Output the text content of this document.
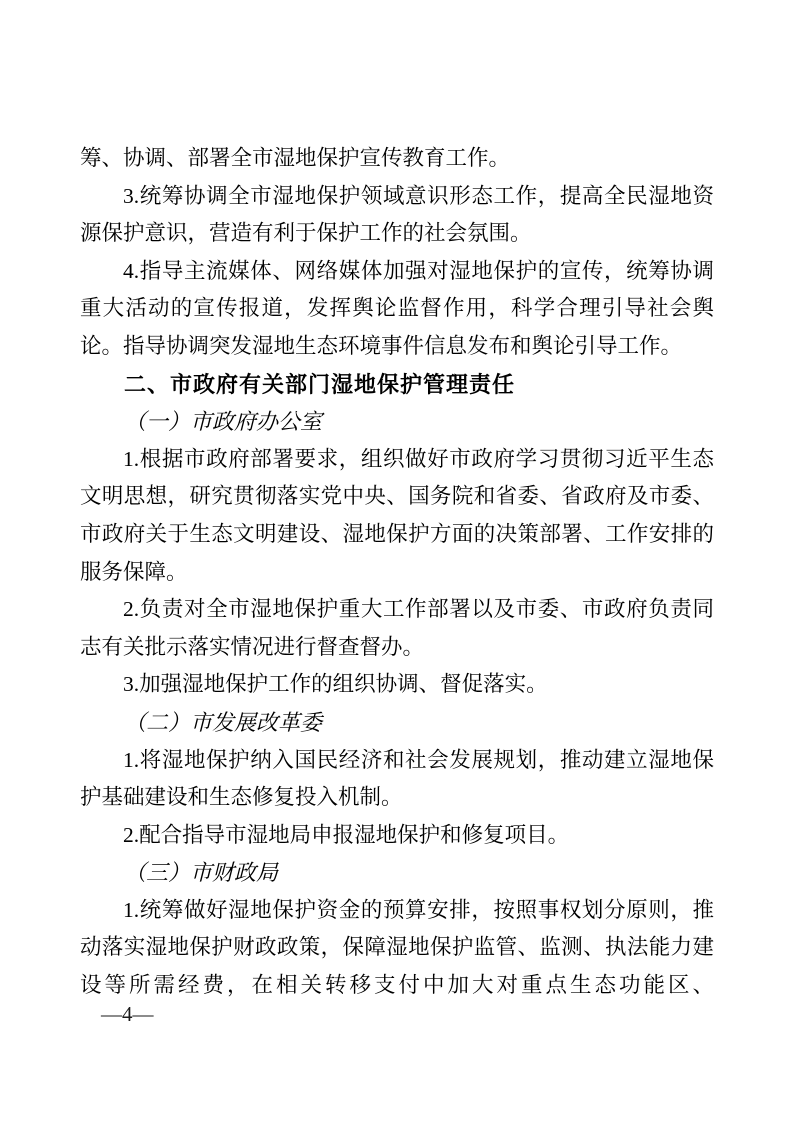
筹、协调、部署全市湿地保护宣传教育工作。

3.统筹协调全市湿地保护领域意识形态工作，提高全民湿地资源保护意识，营造有利于保护工作的社会氛围。

4.指导主流媒体、网络媒体加强对湿地保护的宣传，统筹协调重大活动的宣传报道，发挥舆论监督作用，科学合理引导社会舆论。指导协调突发湿地生态环境事件信息发布和舆论引导工作。

二、市政府有关部门湿地保护管理责任

（一）市政府办公室

1.根据市政府部署要求，组织做好市政府学习贯彻习近平生态文明思想，研究贯彻落实党中央、国务院和省委、省政府及市委、市政府关于生态文明建设、湿地保护方面的决策部署、工作安排的服务保障。

2.负责对全市湿地保护重大工作部署以及市委、市政府负责同志有关批示落实情况进行督查督办。

3.加强湿地保护工作的组织协调、督促落实。

（二）市发展改革委

1.将湿地保护纳入国民经济和社会发展规划，推动建立湿地保护基础建设和生态修复投入机制。

2.配合指导市湿地局申报湿地保护和修复项目。

（三）市财政局

1.统筹做好湿地保护资金的预算安排，按照事权划分原则，推动落实湿地保护财政政策，保障湿地保护监管、监测、执法能力建设等所需经费，在相关转移支付中加大对重点生态功能区、

—4—
